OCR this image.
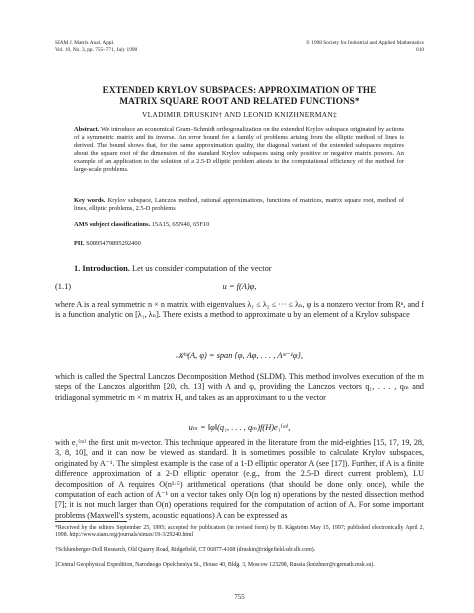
SIAM J. Matrix Anal. Appl.
Vol. 19, No. 3, pp. 755–771, July 1998
© 1998 Society for Industrial and Applied Mathematics
010
EXTENDED KRYLOV SUBSPACES: APPROXIMATION OF THE
MATRIX SQUARE ROOT AND RELATED FUNCTIONS*
VLADIMIR DRUSKIN† AND LEONID KNIZHNERMAN‡
Abstract. We introduce an economical Gram–Schmidt orthogonalization on the extended Krylov subspace originated by actions of a symmetric matrix and its inverse. An error bound for a family of problems arising from the elliptic method of lines is derived. The bound shows that, for the same approximation quality, the diagonal variant of the extended subspaces requires about the square root of the dimension of the standard Krylov subspaces using only positive or negative matrix powers. An example of an application to the solution of a 2.5-D elliptic problem attests to the computational efficiency of the method for large-scale problems.
Key words. Krylov subspace, Lanczos method, rational approximations, functions of matrices, matrix square root, method of lines, elliptic problems, 2.5-D problems
AMS subject classifications. 15A15, 65N40, 65F10
PII. S0895479895292400
1. Introduction. Let us consider computation of the vector
(1.1)	u = f(A)φ,
where A is a real symmetric n × n matrix with eigenvalues λ₁ ≤ λ₂ ≤ ··· ≤ λₙ, φ is a nonzero vector from Rⁿ, and f is a function analytic on [λ₁, λₙ]. There exists a method to approximate u by an element of a Krylov subspace
𝒦ᵐ(A, φ) = span {φ, Aφ, . . . , Aᵐ⁻¹φ},
which is called the Spectral Lanczos Decomposition Method (SLDM). This method involves execution of the m steps of the Lanczos algorithm [20, ch. 13] with A and φ, providing the Lanczos vectors q₁, . . . , qₘ and tridiagonal symmetric m × m matrix H, and takes as an approximant to u the vector
uₘ = ‖φ‖(q₁, . . . , qₘ)f(H)e₁⁽ᵐ⁾,
with e₁⁽ᵐ⁾ the first unit m-vector. This technique appeared in the literature from the mid-eighties [15, 17, 19, 28, 3, 8, 10], and it can now be viewed as standard. It is sometimes possible to calculate Krylov subspaces, originated by A⁻¹. The simplest example is the case of a 1-D elliptic operator A (see [17]). Further, if A is a finite difference approximation of a 2-D elliptic operator (e.g., from the 2.5-D direct current problem), LU decomposition of A requires O(n¹·⁵) arithmetical operations (that should be done only once), while the computation of each action of A⁻¹ on a vector takes only O(n log n) operations by the nested dissection method [7]; it is not much larger than O(n) operations required for the computation of action of A. For some important problems (Maxwell's system, acoustic equations) A can be expressed as
*Received by the editors September 25, 1995; accepted for publication (in revised form) by B. Kågström May 15, 1997; published electronically April 2, 1998. http://www.siam.org/journals/simax/19-3/29240.html
†Schlumberger-Doll Research, Old Quarry Road, Ridgefield, CT 06877-4108 (druskin@ridgefield.sdr.slb.com).
‡Central Geophysical Expedition, Narodnogo Opolcheniya St., House 40, Bldg. 3, Moscow 123298, Russia (knizhner@cgemath.msk.su).
755
